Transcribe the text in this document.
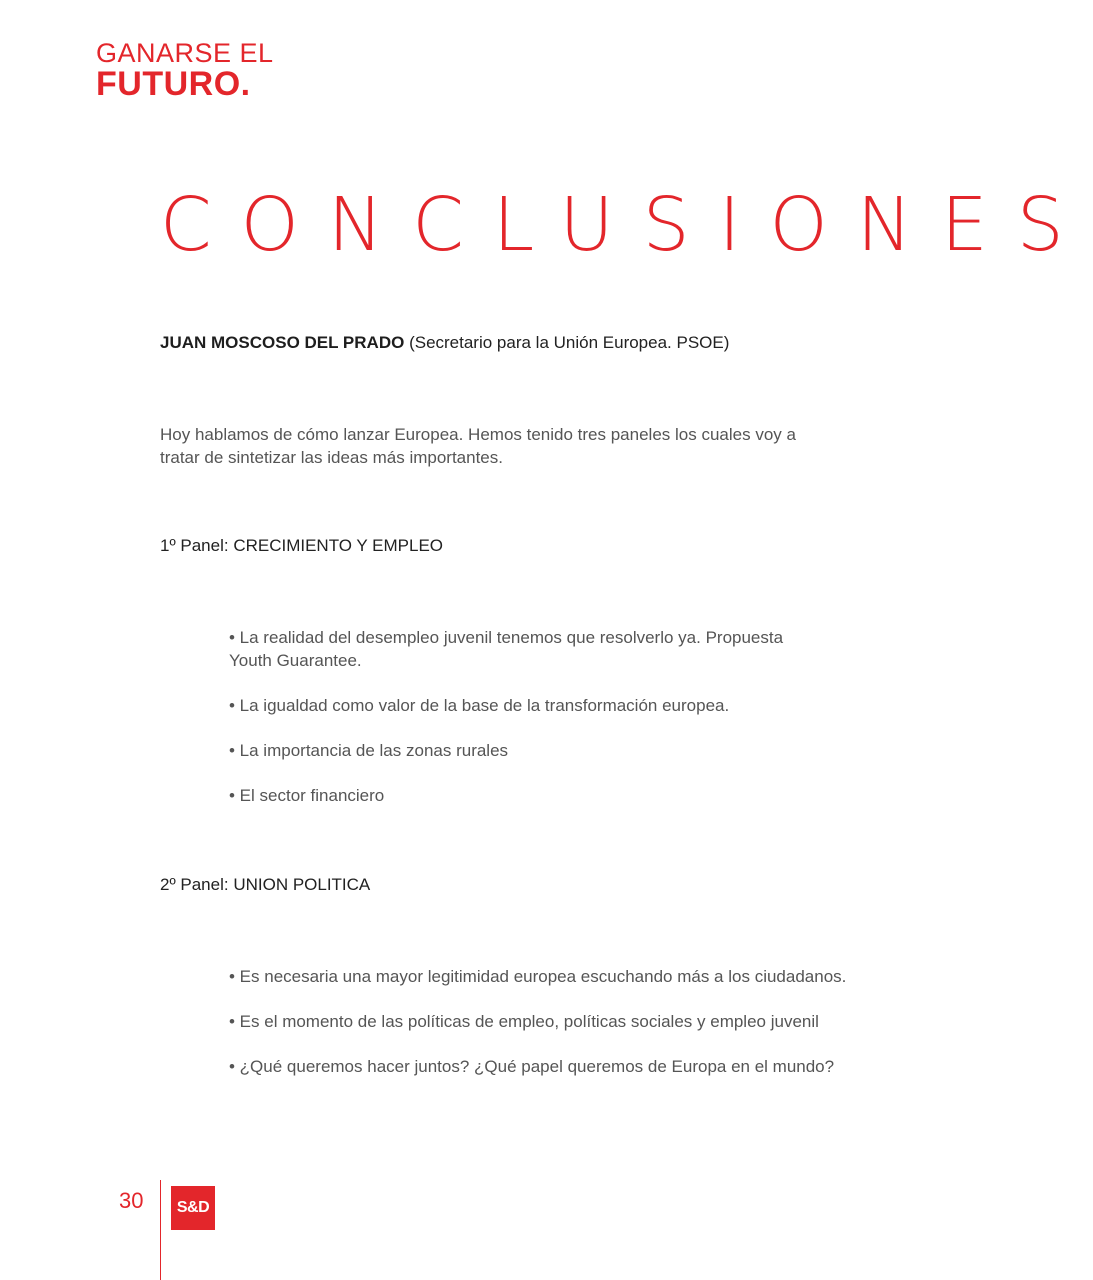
GANARSE EL
FUTURO.
CONCLUSIONES
JUAN MOSCOSO DEL PRADO (Secretario para la Unión Europea. PSOE)

Hoy hablamos de cómo lanzar Europea. Hemos tenido tres paneles los cuales voy a tratar de sintetizar las ideas más importantes.

1º Panel: CRECIMIENTO Y EMPLEO
• La realidad del desempleo juvenil tenemos que resolverlo ya. Propuesta Youth Guarantee.
• La igualdad como valor de la base de la transformación europea.
• La importancia de las zonas rurales
• El sector financiero
2º Panel: UNION POLITICA
• Es necesaria una mayor legitimidad europea escuchando más a los ciudadanos.
• Es el momento de las políticas de empleo, políticas sociales y empleo juvenil
• ¿Qué queremos hacer juntos? ¿Qué papel queremos de Europa en el mundo?
30	S&D
